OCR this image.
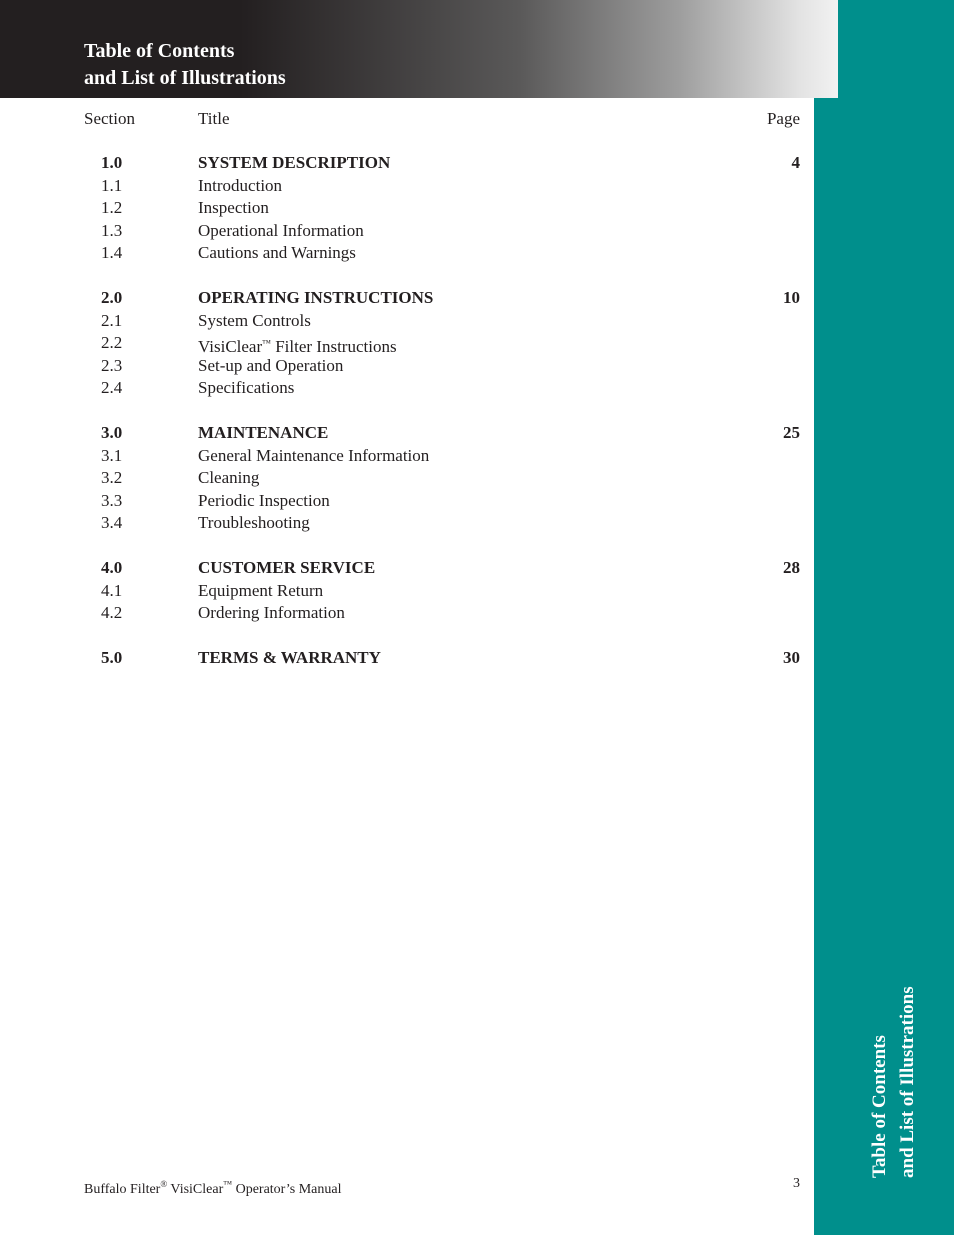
Table of Contents
and List of Illustrations
Table of Contents and List of Illustrations
Section	Title	Page
1.0	SYSTEM DESCRIPTION	4
1.1	Introduction
1.2	Inspection
1.3	Operational Information
1.4	Cautions and Warnings
2.0	OPERATING INSTRUCTIONS	10
2.1	System Controls
2.2	VisiClear™ Filter Instructions
2.3	Set-up and Operation
2.4	Specifications
3.0	MAINTENANCE	25
3.1	General Maintenance Information
3.2	Cleaning
3.3	Periodic Inspection
3.4	Troubleshooting
4.0	CUSTOMER SERVICE	28
4.1	Equipment Return
4.2	Ordering Information
5.0	TERMS & WARRANTY	30
Buffalo Filter® VisiClear™ Operator’s Manual	3
